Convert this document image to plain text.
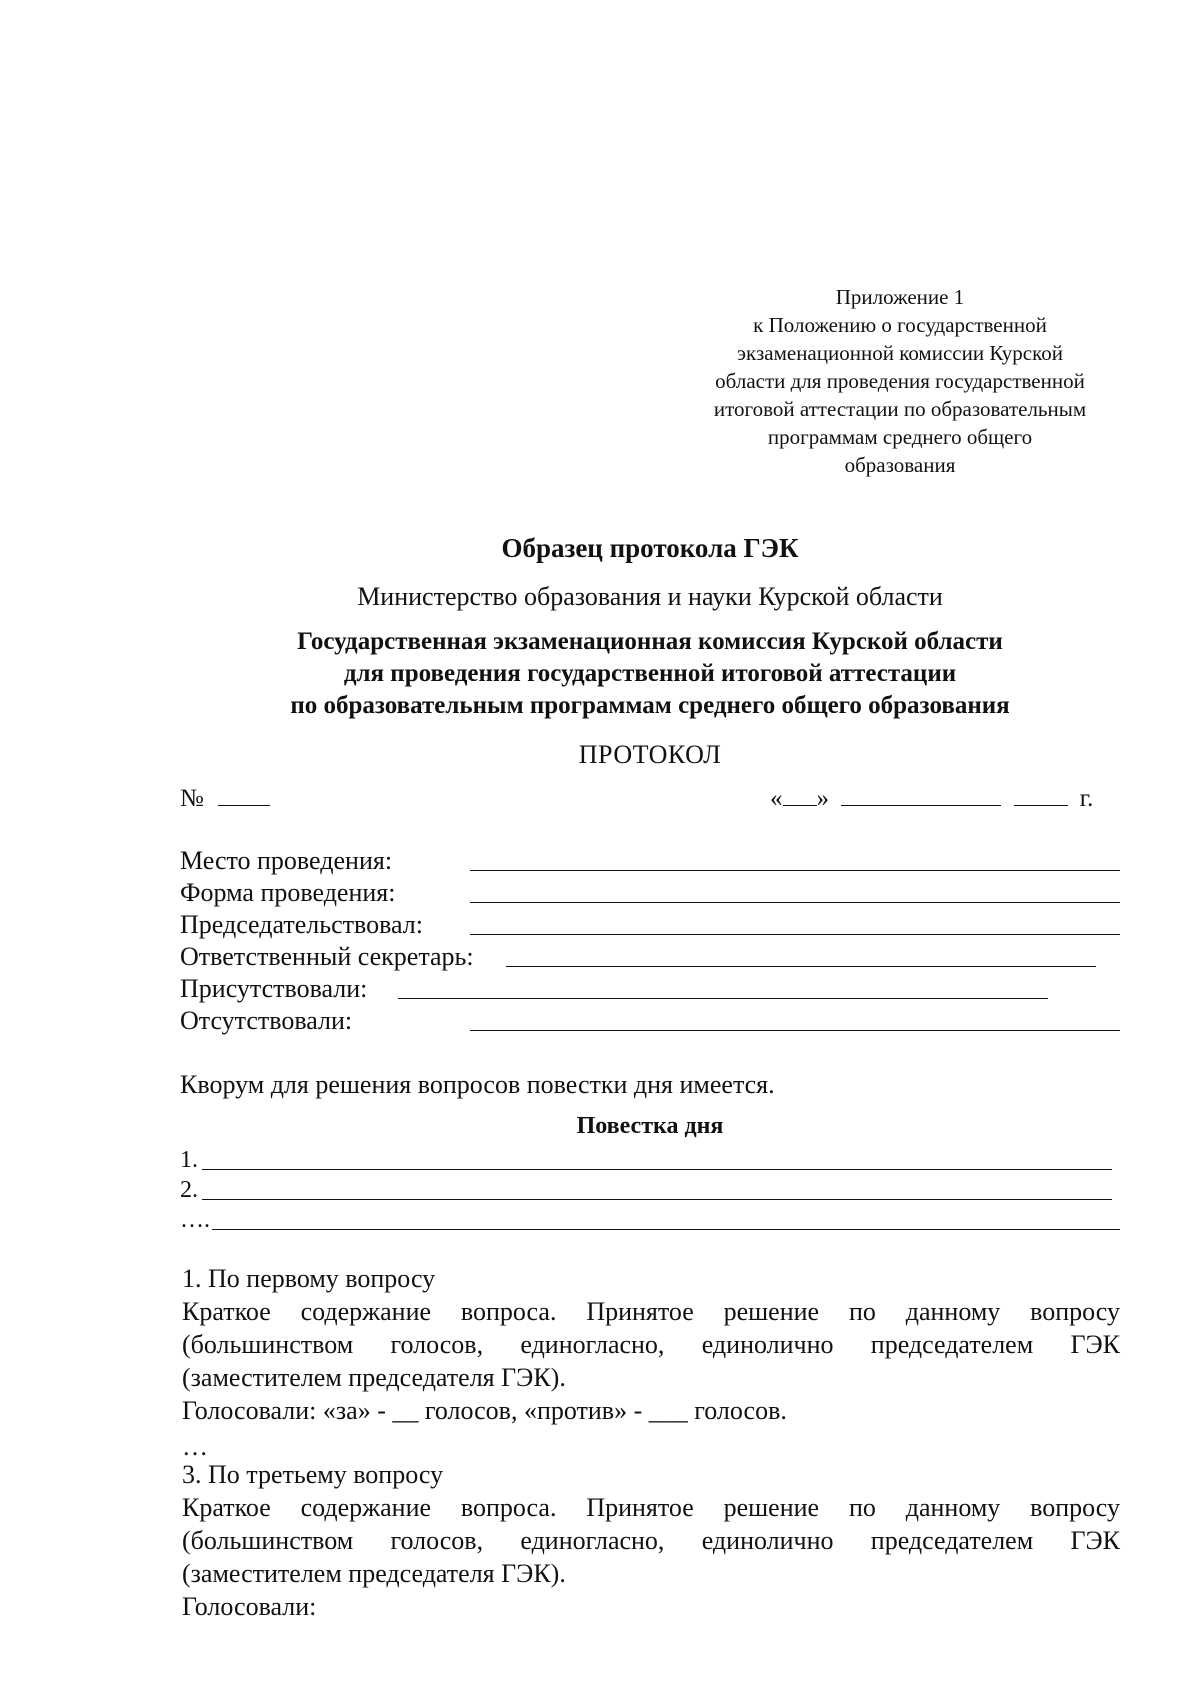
Приложение 1
к Положению о государственной
экзаменационной комиссии Курской
области для проведения государственной
итоговой аттестации по образовательным
программам среднего общего
образования
Образец протокола ГЭК
Министерство образования и науки Курской области
Государственная экзаменационная комиссия Курской области
для проведения государственной итоговой аттестации
по образовательным программам среднего общего образования
ПРОТОКОЛ
№	« »	г.
Место проведения:
Форма проведения:
Председательствовал:
Ответственный секретарь:
Присутствовали:
Отсутствовали:
Кворум для решения вопросов повестки дня имеется.
Повестка дня
1.
2.
….
1. По первому вопросу
Краткое содержание вопроса. Принятое решение по данному вопросу (большинством голосов, единогласно, единолично председателем ГЭК (заместителем председателя ГЭК).
Голосовали: «за» - __ голосов, «против» - ___ голосов.
…
3. По третьему вопросу
Краткое содержание вопроса. Принятое решение по данному вопросу (большинством голосов, единогласно, единолично председателем ГЭК (заместителем председателя ГЭК).
Голосовали:
